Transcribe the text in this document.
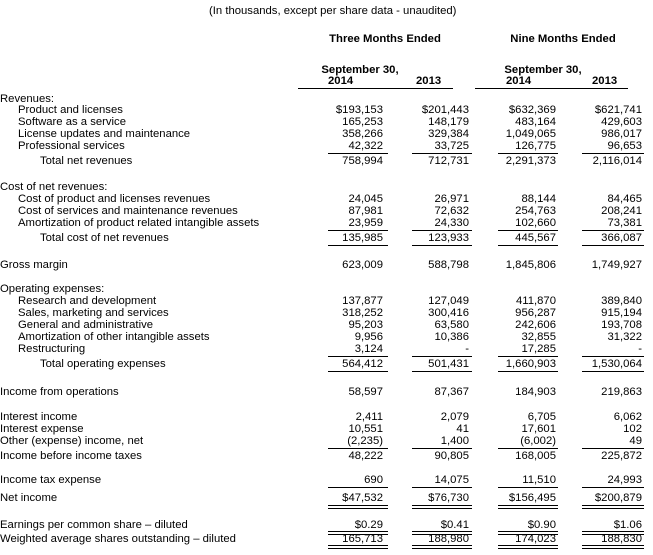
(In thousands, except per share data - unaudited)
Three Months Ended	Nine Months Ended
September 30,	September 30,
2014	2013	2014	2013
Revenues:
Product and licenses	$193,153	$201,443	$632,369	$621,741
Software as a service	165,253	148,179	483,164	429,603
License updates and maintenance	358,266	329,384	1,049,065	986,017
Professional services	42,322	33,725	126,775	96,653
Total net revenues	758,994	712,731	2,291,373	2,116,014
Cost of net revenues:
Cost of product and licenses revenues	24,045	26,971	88,144	84,465
Cost of services and maintenance revenues	87,981	72,632	254,763	208,241
Amortization of product related intangible assets	23,959	24,330	102,660	73,381
Total cost of net revenues	135,985	123,933	445,567	366,087
Gross margin	623,009	588,798	1,845,806	1,749,927
Operating expenses:
Research and development	137,877	127,049	411,870	389,840
Sales, marketing and services	318,252	300,416	956,287	915,194
General and administrative	95,203	63,580	242,606	193,708
Amortization of other intangible assets	9,956	10,386	32,855	31,322
Restructuring	3,124	-	17,285	-
Total operating expenses	564,412	501,431	1,660,903	1,530,064
Income from operations	58,597	87,367	184,903	219,863
Interest income	2,411	2,079	6,705	6,062
Interest expense	10,551	41	17,601	102
Other (expense) income, net	(2,235)	1,400	(6,002)	49
Income before income taxes	48,222	90,805	168,005	225,872
Income tax expense	690	14,075	11,510	24,993
Net income	$47,532	$76,730	$156,495	$200,879
Earnings per common share – diluted	$0.29	$0.41	$0.90	$1.06
Weighted average shares outstanding – diluted	165,713	188,980	174,023	188,830
